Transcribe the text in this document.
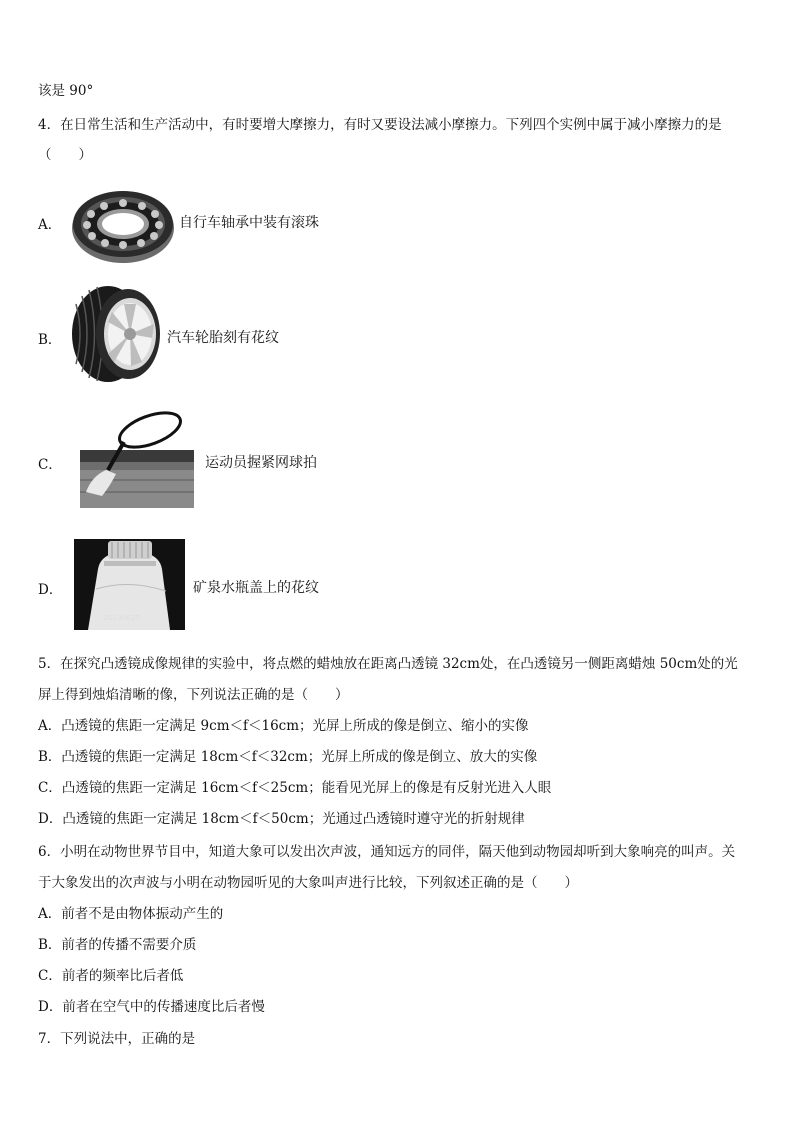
该是 90°
4．在日常生活和生产活动中，有时要增大摩擦力，有时又要设法减小摩擦力。下列四个实例中属于减小摩擦力的是
（　　）
A．	自行车轴承中装有滚珠
B．	汽车轮胎刻有花纹
C．	运动员握紧网球拍
D．
20130625
矿泉水瓶盖上的花纹
5．在探究凸透镜成像规律的实验中，将点燃的蜡烛放在距离凸透镜 32cm处，在凸透镜另一侧距离蜡烛 50cm处的光
屏上得到烛焰清晰的像，下列说法正确的是（　　）
A．凸透镜的焦距一定满足 9cm＜f＜16cm；光屏上所成的像是倒立、缩小的实像
B．凸透镜的焦距一定满足 18cm＜f＜32cm；光屏上所成的像是倒立、放大的实像
C．凸透镜的焦距一定满足 16cm＜f＜25cm；能看见光屏上的像是有反射光进入人眼
D．凸透镜的焦距一定满足 18cm＜f＜50cm；光通过凸透镜时遵守光的折射规律
6．小明在动物世界节目中，知道大象可以发出次声波，通知远方的同伴，隔天他到动物园却听到大象响亮的叫声。关
于大象发出的次声波与小明在动物园听见的大象叫声进行比较，下列叙述正确的是（　　）
A．前者不是由物体振动产生的
B．前者的传播不需要介质
C．前者的频率比后者低
D．前者在空气中的传播速度比后者慢
7．下列说法中，正确的是
